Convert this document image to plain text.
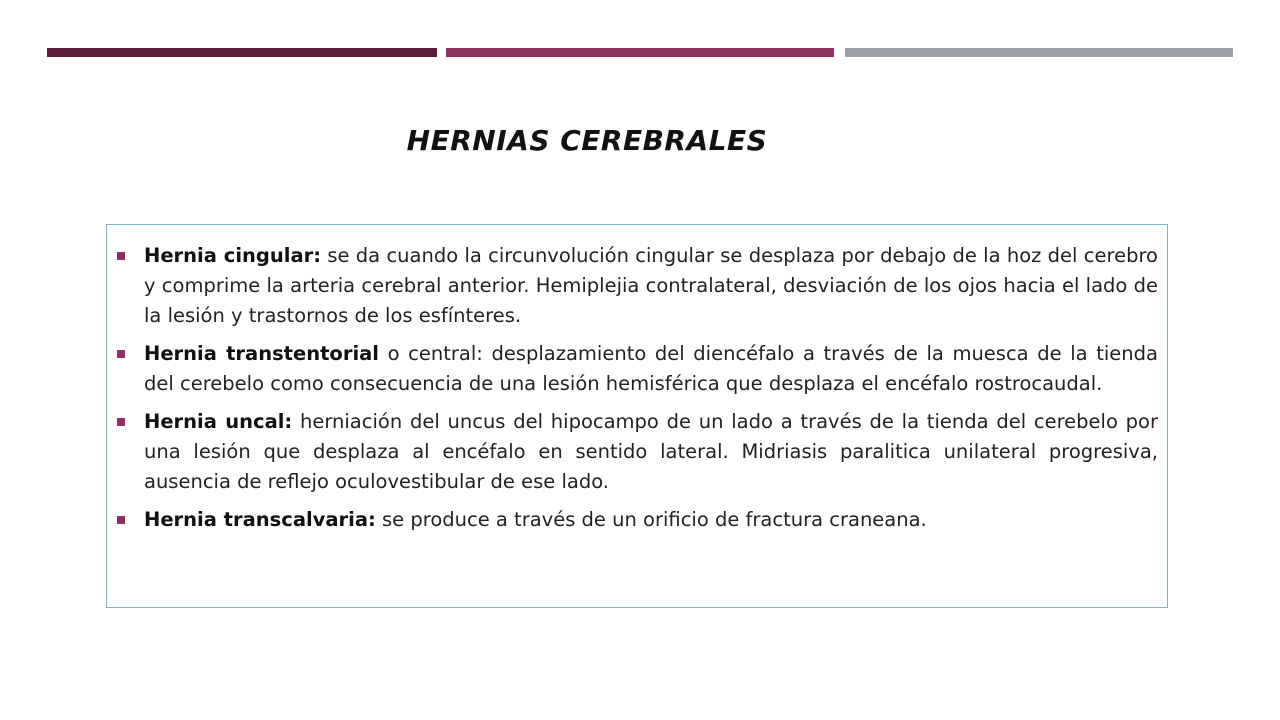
HERNIAS CEREBRALES
Hernia cingular: se da cuando la circunvolución cingular se desplaza por debajo de la hoz del cerebro y comprime la arteria cerebral anterior. Hemiplejia contralateral, desviación de los ojos hacia el lado de la lesión y trastornos de los esfínteres.
Hernia transtentorial o central: desplazamiento del diencéfalo a través de la muesca de la tienda del cerebelo como consecuencia de una lesión hemisférica que desplaza el encéfalo rostrocaudal.
Hernia uncal: herniación del uncus del hipocampo de un lado a través de la tienda del cerebelo por una lesión que desplaza al encéfalo en sentido lateral. Midriasis paralitica unilateral progresiva, ausencia de reflejo oculovestibular de ese lado.
Hernia transcalvaria: se produce a través de un orificio de fractura craneana.
